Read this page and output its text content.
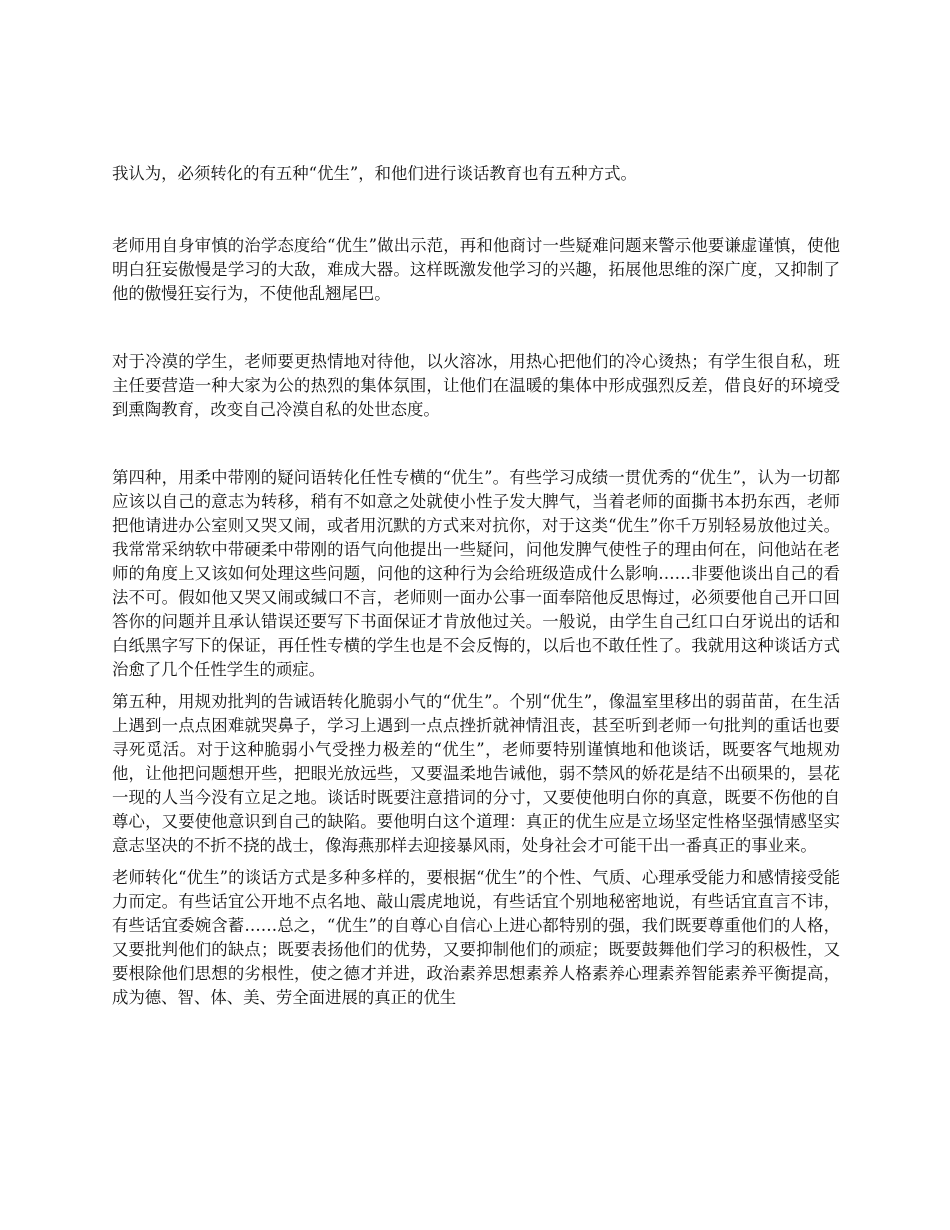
我认为，必须转化的有五种“优生”，和他们进行谈话教育也有五种方式。

老师用自身审慎的治学态度给“优生”做出示范，再和他商讨一些疑难问题来警示他要谦虚谨慎，使他明白狂妄傲慢是学习的大敌，难成大器。这样既激发他学习的兴趣，拓展他思维的深广度，又抑制了他的傲慢狂妄行为，不使他乱翘尾巴。

对于冷漠的学生，老师要更热情地对待他，以火溶冰，用热心把他们的冷心烫热；有学生很自私，班主任要营造一种大家为公的热烈的集体氛围，让他们在温暖的集体中形成强烈反差，借良好的环境受到熏陶教育，改变自己冷漠自私的处世态度。

第四种，用柔中带刚的疑问语转化任性专横的“优生”。有些学习成绩一贯优秀的“优生”，认为一切都应该以自己的意志为转移，稍有不如意之处就使小性子发大脾气，当着老师的面撕书本扔东西，老师把他请进办公室则又哭又闹，或者用沉默的方式来对抗你，对于这类“优生”你千万别轻易放他过关。我常常采纳软中带硬柔中带刚的语气向他提出一些疑问，问他发脾气使性子的理由何在，问他站在老师的角度上又该如何处理这些问题，问他的这种行为会给班级造成什么影响……非要他谈出自己的看法不可。假如他又哭又闹或缄口不言，老师则一面办公事一面奉陪他反思悔过，必须要他自己开口回答你的问题并且承认错误还要写下书面保证才肯放他过关。一般说，由学生自己红口白牙说出的话和白纸黑字写下的保证，再任性专横的学生也是不会反悔的，以后也不敢任性了。我就用这种谈话方式治愈了几个任性学生的顽症。

第五种，用规劝批判的告诫语转化脆弱小气的“优生”。个别“优生”，像温室里移出的弱苗苗，在生活上遇到一点点困难就哭鼻子，学习上遇到一点点挫折就神情沮丧，甚至听到老师一句批判的重话也要寻死觅活。对于这种脆弱小气受挫力极差的“优生”，老师要特别谨慎地和他谈话，既要客气地规劝他，让他把问题想开些，把眼光放远些，又要温柔地告诫他，弱不禁风的娇花是结不出硕果的，昙花一现的人当今没有立足之地。谈话时既要注意措词的分寸，又要使他明白你的真意，既要不伤他的自尊心，又要使他意识到自己的缺陷。要他明白这个道理：真正的优生应是立场坚定性格坚强情感坚实意志坚决的不折不挠的战士，像海燕那样去迎接暴风雨，处身社会才可能干出一番真正的事业来。

老师转化“优生”的谈话方式是多种多样的，要根据“优生”的个性、气质、心理承受能力和感情接受能力而定。有些话宜公开地不点名地、敲山震虎地说，有些话宜个别地秘密地说，有些话宜直言不讳，有些话宜委婉含蓄……总之，“优生”的自尊心自信心上进心都特别的强，我们既要尊重他们的人格，又要批判他们的缺点；既要表扬他们的优势，又要抑制他们的顽症；既要鼓舞他们学习的积极性，又要根除他们思想的劣根性，使之德才并进，政治素养思想素养人格素养心理素养智能素养平衡提高，成为德、智、体、美、劳全面进展的真正的优生
